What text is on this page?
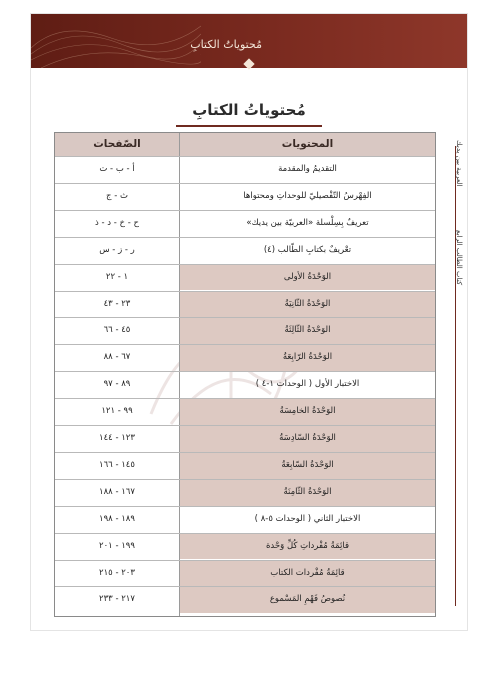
مُحتوياتُ الكتابِ
مُحتوياتُ الكتابِ
الصّفحات	المحتويات
أ - ب - ت	التقديمُ والمقدمة
ث - ج	الفِهْرسُ التّفْصيليّ للوحداتِ ومحتواها
ح - خ - د - ذ	تعريفٌ بِسِلْسلة «العربيّة بين يديك»
ر - ز - س	تعْريفٌ بكتابِ الطّالب (٤)
١ - ٢٢	الوَحْدَةُ الأولى
٢٣ - ٤٣	الوَحْدَةُ الثّانِيَةُ
٤٥ - ٦٦	الوَحْدَةُ الثّالِثَةُ
٦٧ - ٨٨	الوَحْدَةُ الرّابِعَةُ
٨٩ - ٩٧	الاختبار الأول ( الوحدات ١-٤ )
٩٩ - ١٢١	الوَحْدَةُ الخامِسَةُ
١٢٣ - ١٤٤	الوَحْدَةُ السّادِسَةُ
١٤٥ - ١٦٦	الوَحْدَةُ السّابِعَةُ
١٦٧ - ١٨٨	الوَحْدَةُ الثّامِنَةُ
١٨٩ - ١٩٨	الاختبار الثاني ( الوحدات ٥-٨ )
١٩٩ - ٢٠١	قائِمَةُ مُفْرداتِ كُلِّ وَحْدة
٢٠٣ - ٢١٥	قائِمَةُ مُفْردات الكتاب
٢١٧ - ٢٣٣	نُصوصُ فَهْمِ المَسْموع
العربية بين يديك
كتاب الطالب الرابع
